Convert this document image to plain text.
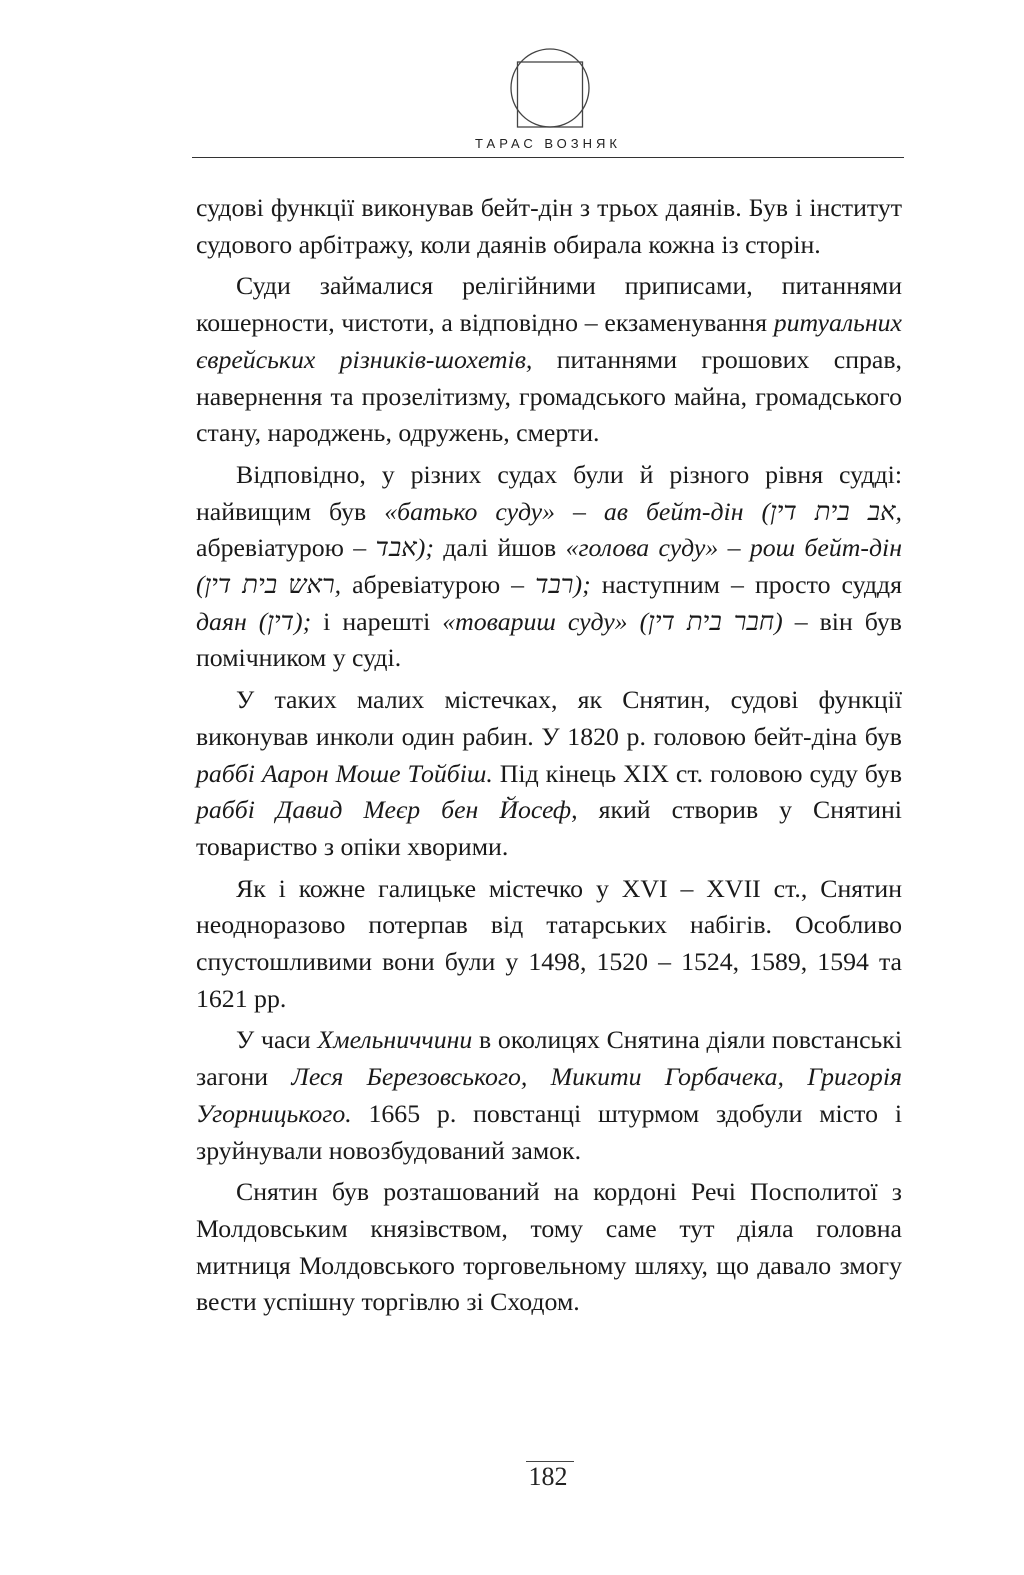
ТАРАС ВОЗНЯК

судові функції виконував бейт-дін з трьох даянів. Був і інститут судового арбітражу, коли даянів обирала кожна із сторін.

Суди займалися релігійними приписами, питаннями кошерности, чистоти, а відповідно – екзаменування ритуальних єврейських різників-шохетів, питаннями грошових справ, навернення та прозелітизму, громадського майна, громадського стану, народжень, одружень, смерти.

Відповідно, у різних судах були й різного рівня судді: найвищим був «батько суду» – ав бейт-дін (אב בית דין, абревіатурою – אבד); далі йшов «голова суду» – рош бейт-дін (ראש בית דין, абревіатурою – רבד); наступним – просто суддя даян (דין); і нарешті «товариш суду» (חבר בית דין) – він був помічником у суді.

У таких малих містечках, як Снятин, судові функції виконував инколи один рабин. У 1820 р. головою бейт-діна був раббі Аарон Моше Тойбіш. Під кінець XIX ст. головою суду був раббі Давид Меєр бен Йосеф, який створив у Снятині товариство з опіки хворими.

Як і кожне галицьке містечко у XVI – XVII ст., Снятин неодноразово потерпав від татарських набігів. Особливо спустошливими вони були у 1498, 1520 – 1524, 1589, 1594 та 1621 рр.

У часи Хмельниччини в околицях Снятина діяли повстанські загони Леся Березовського, Микити Горбачека, Григорія Угорницького. 1665 р. повстанці штурмом здобули місто і зруйнували новозбудований замок.

Снятин був розташований на кордоні Речі Посполитої з Молдовським князівством, тому саме тут діяла головна митниця Молдовського торговельному шляху, що давало змогу вести успішну торгівлю зі Сходом.

182
